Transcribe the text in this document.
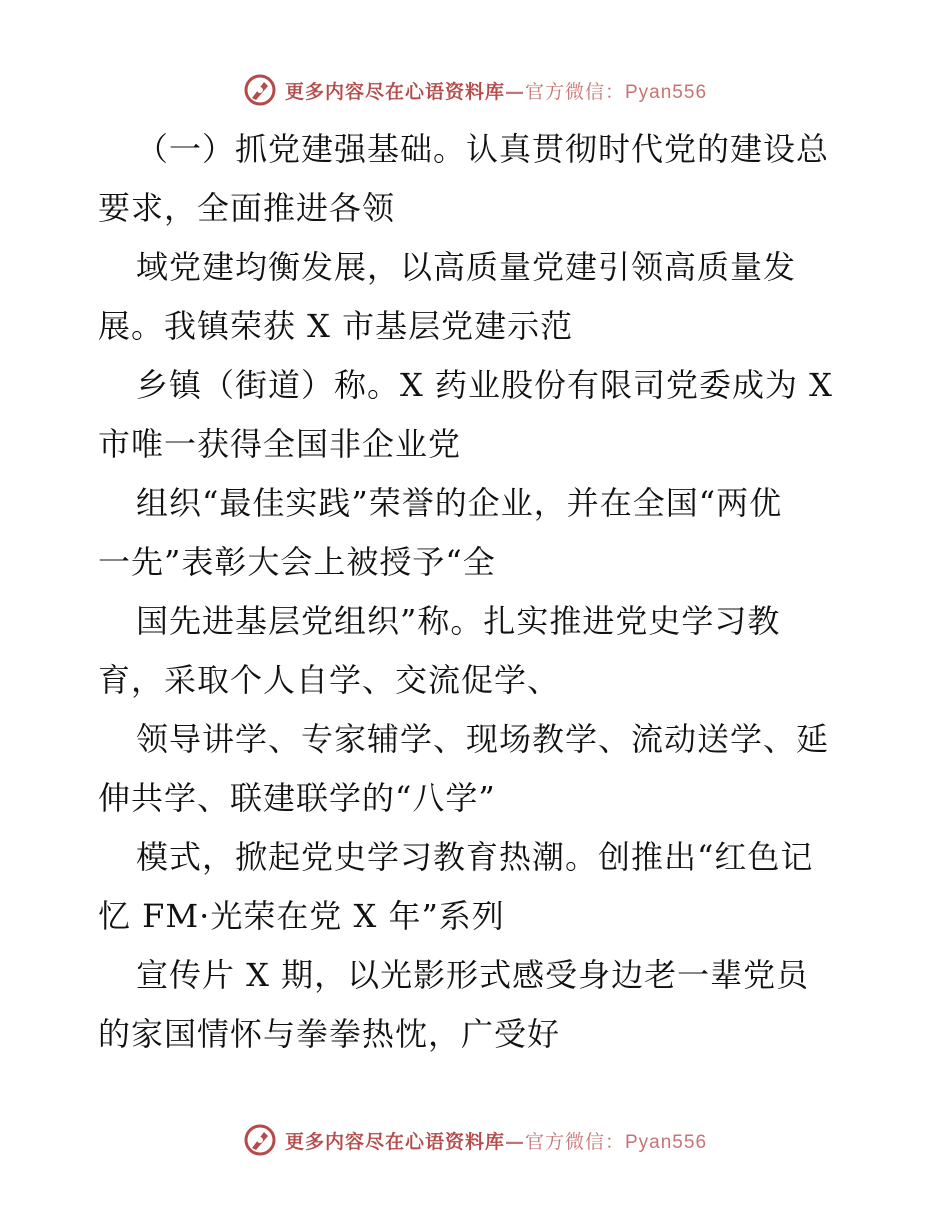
更多内容尽在心语资料库—官方微信：Pyan556
（一）抓党建强基础。认真贯彻时代党的建设总
要求，全面推进各领
域党建均衡发展，以高质量党建引领高质量发
展。我镇荣获 X 市基层党建示范
乡镇（街道）称。X 药业股份有限司党委成为 X
市唯一获得全国非企业党
组织“最佳实践”荣誉的企业，并在全国“两优
一先”表彰大会上被授予“全
国先进基层党组织”称。扎实推进党史学习教
育，采取个人自学、交流促学、
领导讲学、专家辅学、现场教学、流动送学、延
伸共学、联建联学的“八学”
模式，掀起党史学习教育热潮。创推出“红色记
忆 FM·光荣在党 X 年”系列
宣传片 X 期，以光影形式感受身边老一辈党员
的家国情怀与拳拳热忱，广受好
更多内容尽在心语资料库—官方微信：Pyan556
